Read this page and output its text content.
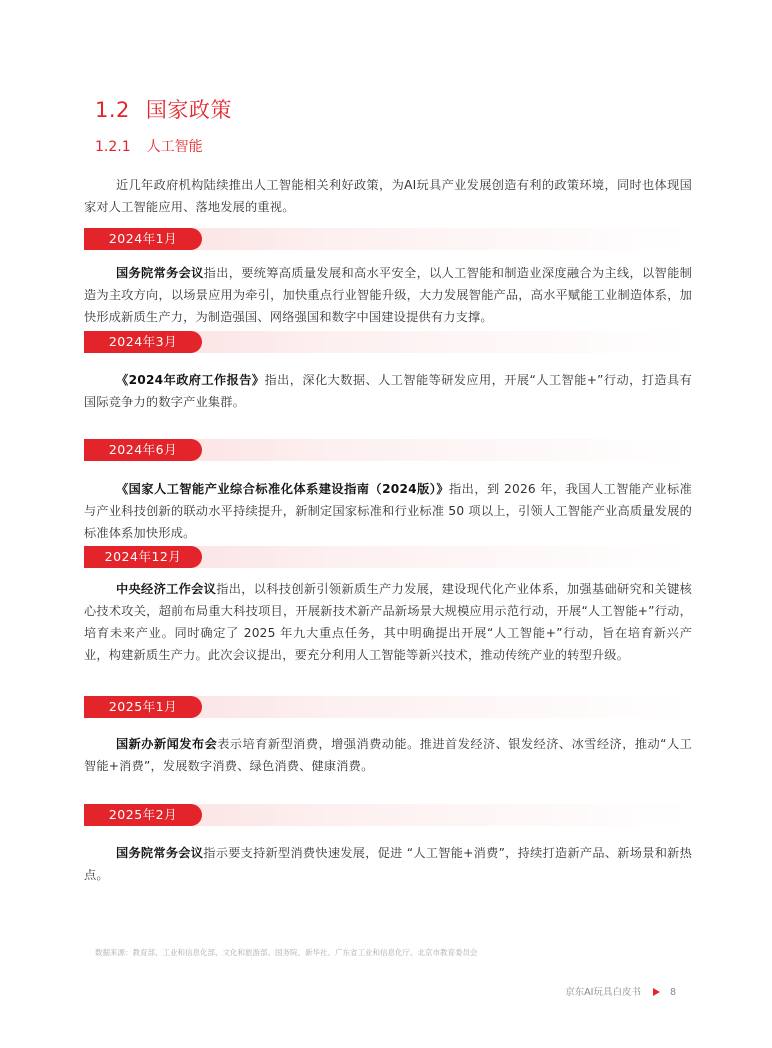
1.2 国家政策
1.2.1 人工智能
近几年政府机构陆续推出人工智能相关利好政策，为AI玩具产业发展创造有利的政策环境，同时也体现国家对人工智能应用、落地发展的重视。
2024年1月
国务院常务会议指出，要统筹高质量发展和高水平安全，以人工智能和制造业深度融合为主线，以智能制造为主攻方向，以场景应用为牵引，加快重点行业智能升级，大力发展智能产品，高水平赋能工业制造体系，加快形成新质生产力，为制造强国、网络强国和数字中国建设提供有力支撑。
2024年3月
《2024年政府工作报告》指出，深化大数据、人工智能等研发应用，开展“人工智能+”行动，打造具有国际竞争力的数字产业集群。
2024年6月
《国家人工智能产业综合标准化体系建设指南（2024版）》指出，到 2026 年，我国人工智能产业标准与产业科技创新的联动水平持续提升，新制定国家标准和行业标准 50 项以上，引领人工智能产业高质量发展的标准体系加快形成。
2024年12月
中央经济工作会议指出，以科技创新引领新质生产力发展，建设现代化产业体系，加强基础研究和关键核心技术攻关，超前布局重大科技项目，开展新技术新产品新场景大规模应用示范行动，开展“人工智能+”行动，培育未来产业。同时确定了 2025 年九大重点任务，其中明确提出开展“人工智能+”行动，旨在培育新兴产业，构建新质生产力。此次会议提出，要充分利用人工智能等新兴技术，推动传统产业的转型升级。
2025年1月
国新办新闻发布会表示培育新型消费，增强消费动能。推进首发经济、银发经济、冰雪经济，推动“人工智能+消费”，发展数字消费、绿色消费、健康消费。
2025年2月
国务院常务会议指示要支持新型消费快速发展，促进 “人工智能+消费”，持续打造新产品、新场景和新热点。
数据来源：教育部、工业和信息化部、文化和旅游部、国务院、新华社、广东省工业和信息化厅、北京市教育委员会
京东AI玩具白皮书	8
